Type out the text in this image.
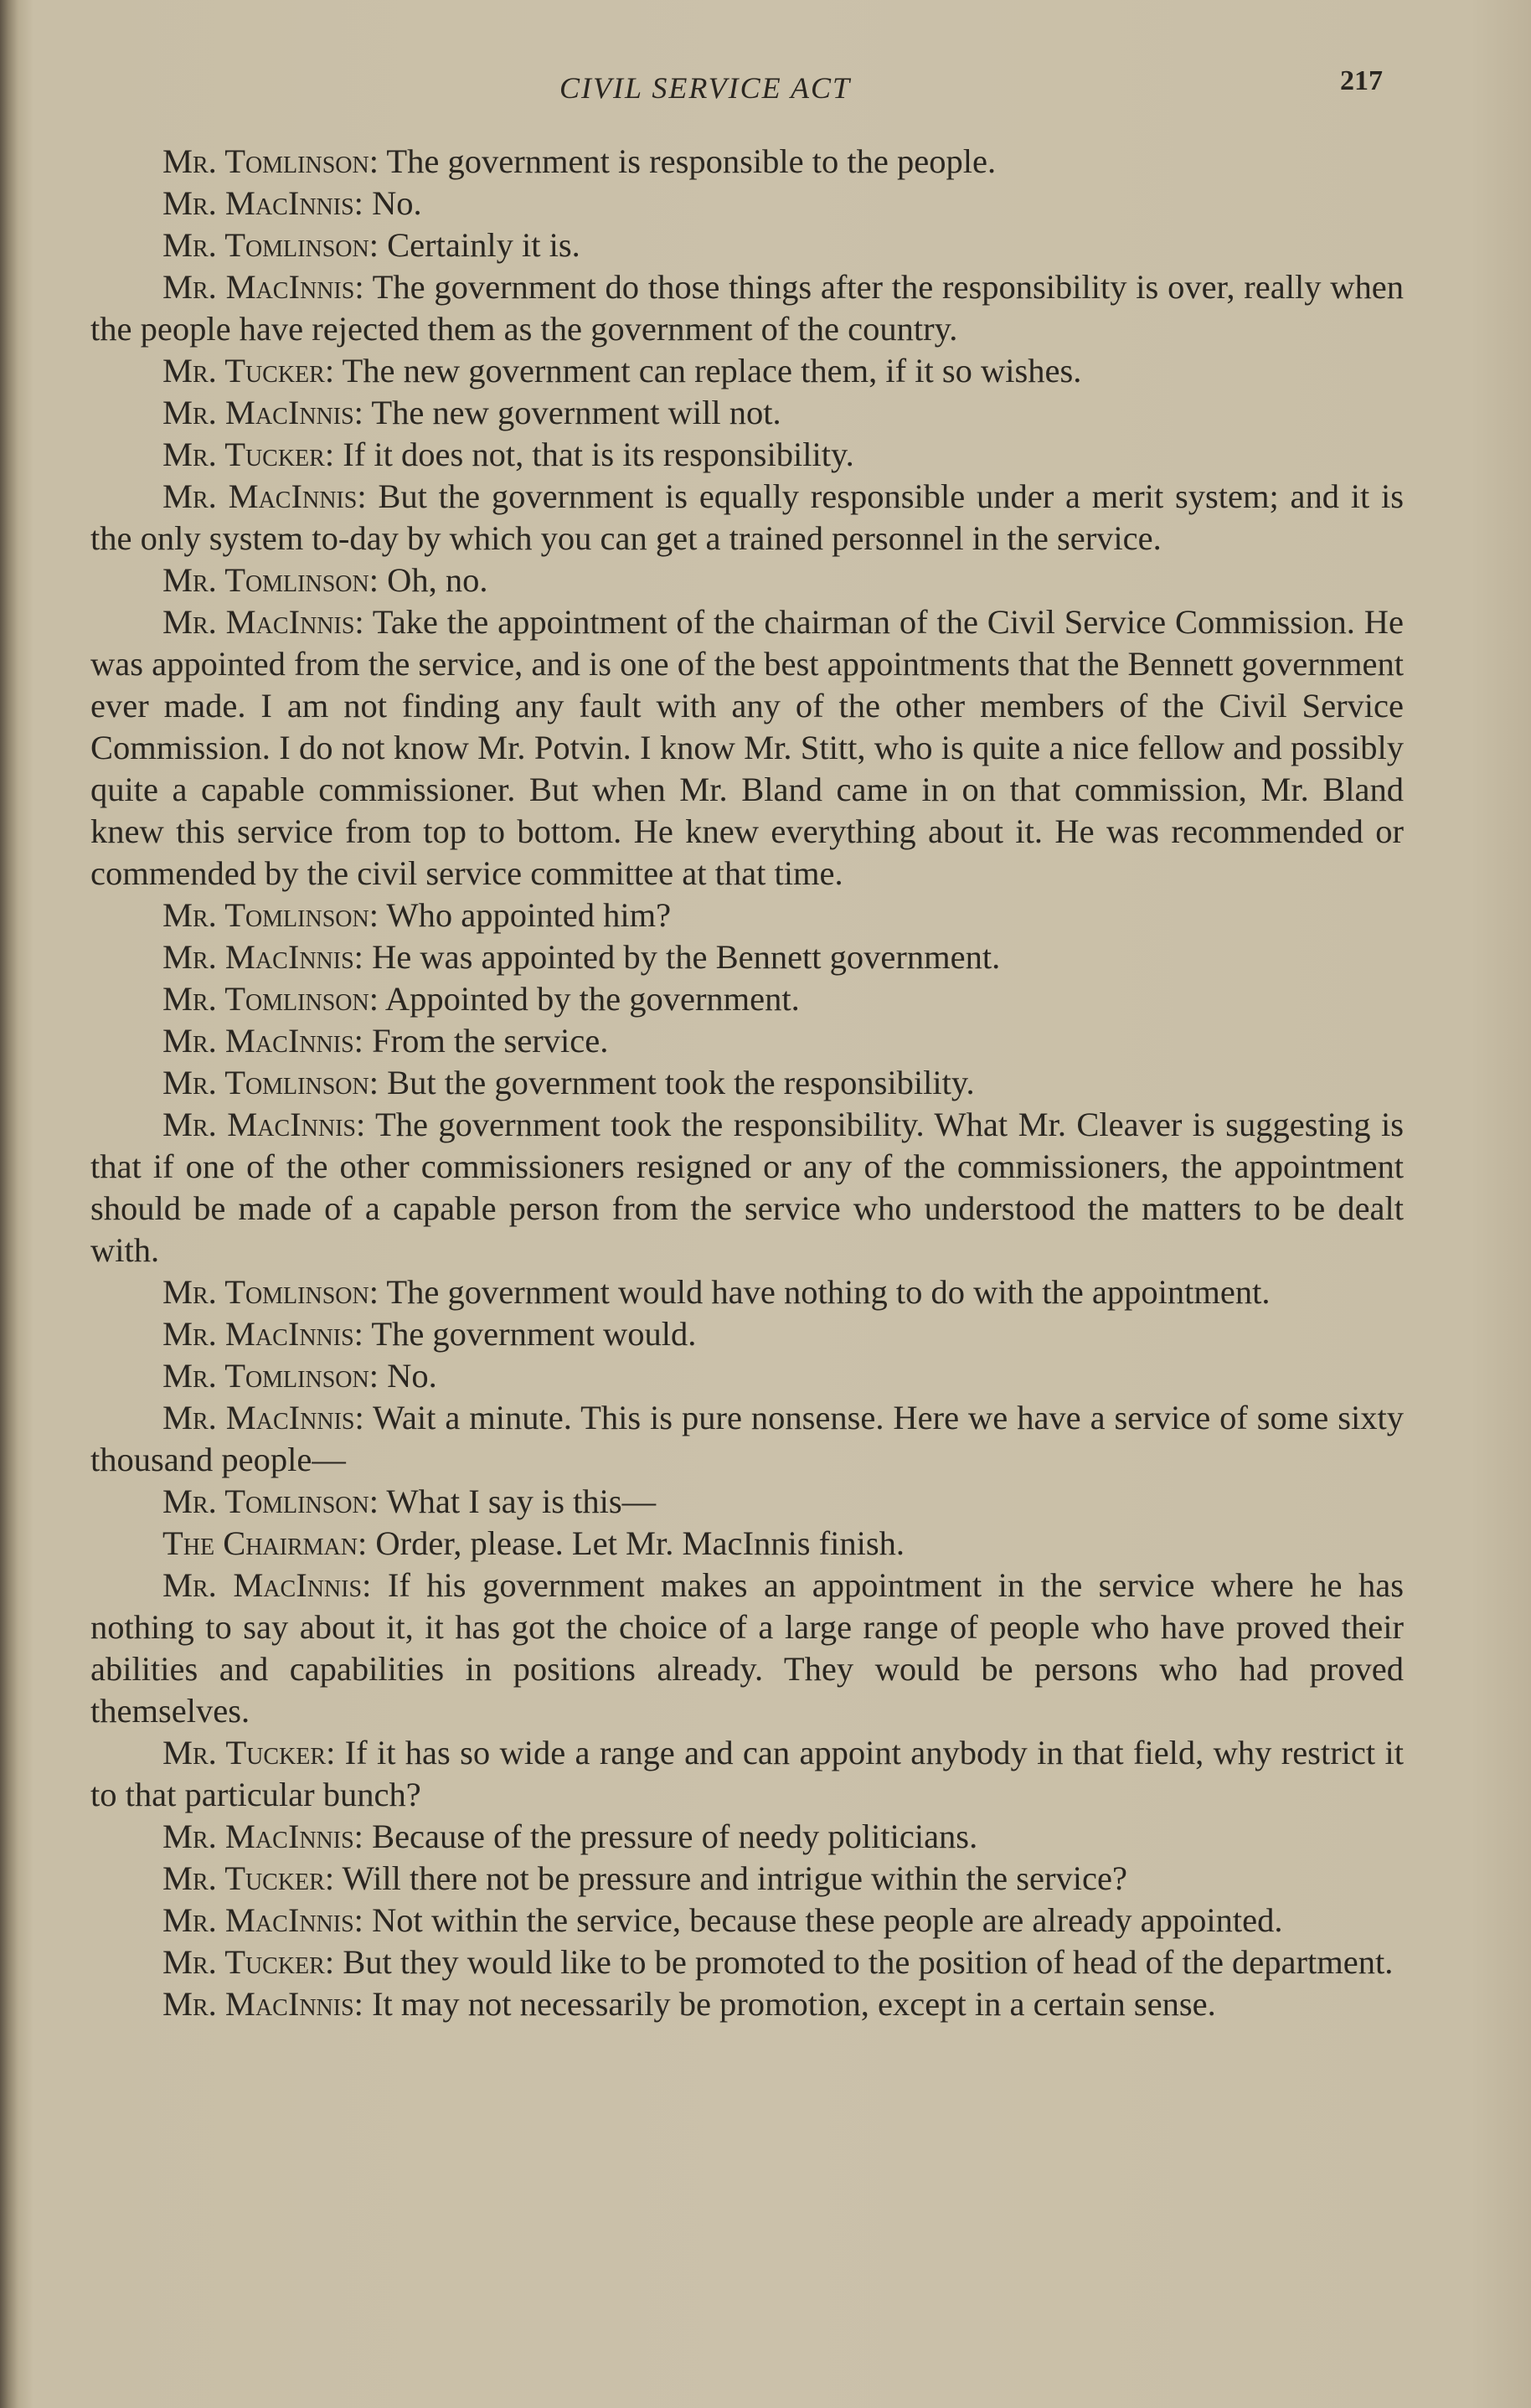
CIVIL SERVICE ACT	217

Mr. Tomlinson: The government is responsible to the people.

Mr. MacInnis: No.

Mr. Tomlinson: Certainly it is.

Mr. MacInnis: The government do those things after the responsibility is over, really when the people have rejected them as the government of the country.

Mr. Tucker: The new government can replace them, if it so wishes.

Mr. MacInnis: The new government will not.

Mr. Tucker: If it does not, that is its responsibility.

Mr. MacInnis: But the government is equally responsible under a merit system; and it is the only system to-day by which you can get a trained personnel in the service.

Mr. Tomlinson: Oh, no.

Mr. MacInnis: Take the appointment of the chairman of the Civil Service Commission. He was appointed from the service, and is one of the best appointments that the Bennett government ever made. I am not finding any fault with any of the other members of the Civil Service Commission. I do not know Mr. Potvin. I know Mr. Stitt, who is quite a nice fellow and possibly quite a capable commissioner. But when Mr. Bland came in on that commission, Mr. Bland knew this service from top to bottom. He knew everything about it. He was recommended or commended by the civil service committee at that time.

Mr. Tomlinson: Who appointed him?

Mr. MacInnis: He was appointed by the Bennett government.

Mr. Tomlinson: Appointed by the government.

Mr. MacInnis: From the service.

Mr. Tomlinson: But the government took the responsibility.

Mr. MacInnis: The government took the responsibility. What Mr. Cleaver is suggesting is that if one of the other commissioners resigned or any of the commissioners, the appointment should be made of a capable person from the service who understood the matters to be dealt with.

Mr. Tomlinson: The government would have nothing to do with the appointment.

Mr. MacInnis: The government would.

Mr. Tomlinson: No.

Mr. MacInnis: Wait a minute. This is pure nonsense. Here we have a service of some sixty thousand people—

Mr. Tomlinson: What I say is this—

The Chairman: Order, please. Let Mr. MacInnis finish.

Mr. MacInnis: If his government makes an appointment in the service where he has nothing to say about it, it has got the choice of a large range of people who have proved their abilities and capabilities in positions already. They would be persons who had proved themselves.

Mr. Tucker: If it has so wide a range and can appoint anybody in that field, why restrict it to that particular bunch?

Mr. MacInnis: Because of the pressure of needy politicians.

Mr. Tucker: Will there not be pressure and intrigue within the service?

Mr. MacInnis: Not within the service, because these people are already appointed.

Mr. Tucker: But they would like to be promoted to the position of head of the department.

Mr. MacInnis: It may not necessarily be promotion, except in a certain sense.
